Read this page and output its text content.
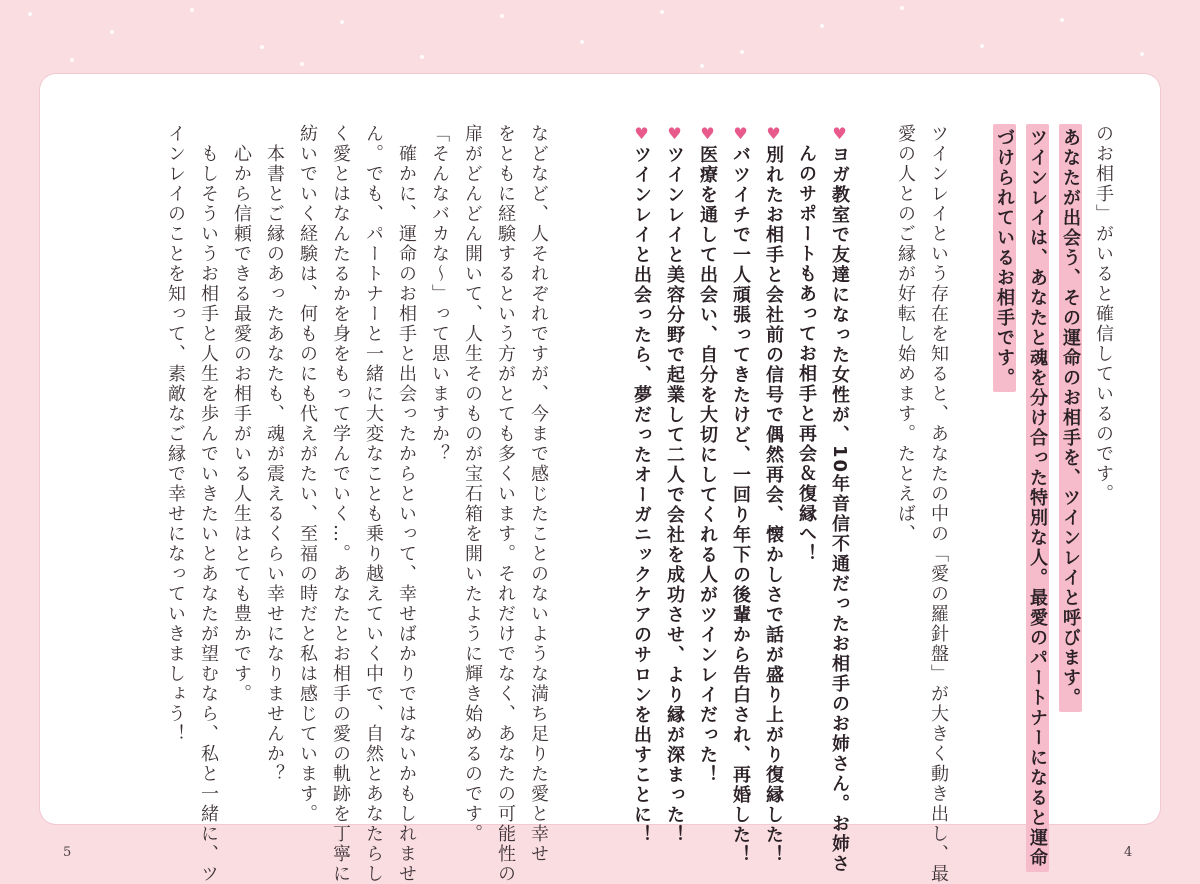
のお相手」がいると確信しているのです。
あなたが出会う、その運命のお相手を、ツインレイと呼びます。
ツインレイは、あなたと魂を分け合った特別な人。最愛のパートナーになると運命
づけられているお相手です。

ツインレイという存在を知ると、あなたの中の「愛の羅針盤」が大きく動き出し、最
愛の人とのご縁が好転し始めます。たとえば、

♥ヨガ教室で友達になった女性が、10年音信不通だったお相手のお姉さん。お姉さ
んのサポートもあってお相手と再会＆復縁へ！
♥別れたお相手と会社前の信号で偶然再会、懐かしさで話が盛り上がり復縁した！
♥バツイチで一人頑張ってきたけど、一回り年下の後輩から告白され、再婚した！
♥医療を通して出会い、自分を大切にしてくれる人がツインレイだった！
♥ツインレイと美容分野で起業して二人で会社を成功させ、より縁が深まった！
♥ツインレイと出会ったら、夢だったオーガニックケアのサロンを出すことに！
などなど、人それぞれですが、今まで感じたことのないような満ち足りた愛と幸せ
をともに経験するという方がとても多くいます。それだけでなく、あなたの可能性の
扉がどんどん開いて、人生そのものが宝石箱を開いたように輝き始めるのです。
「そんなバカな～」って思いますか？
確かに、運命のお相手と出会ったからといって、幸せばかりではないかもしれませ
ん。でも、パートナーと一緒に大変なことも乗り越えていく中で、自然とあなたらし
く愛とはなんたるかを身をもって学んでいく…。あなたとお相手の愛の軌跡を丁寧に
紡いでいく経験は、何ものにも代えがたい、至福の時だと私は感じています。
本書とご縁のあったあなたも、魂が震えるくらい幸せになりませんか？
心から信頼できる最愛のお相手がいる人生はとても豊かです。
もしそういうお相手と人生を歩んでいきたいとあなたが望むなら、私と一緒に、ツ
インレイのことを知って、素敵なご縁で幸せになっていきましょう！
5	4
